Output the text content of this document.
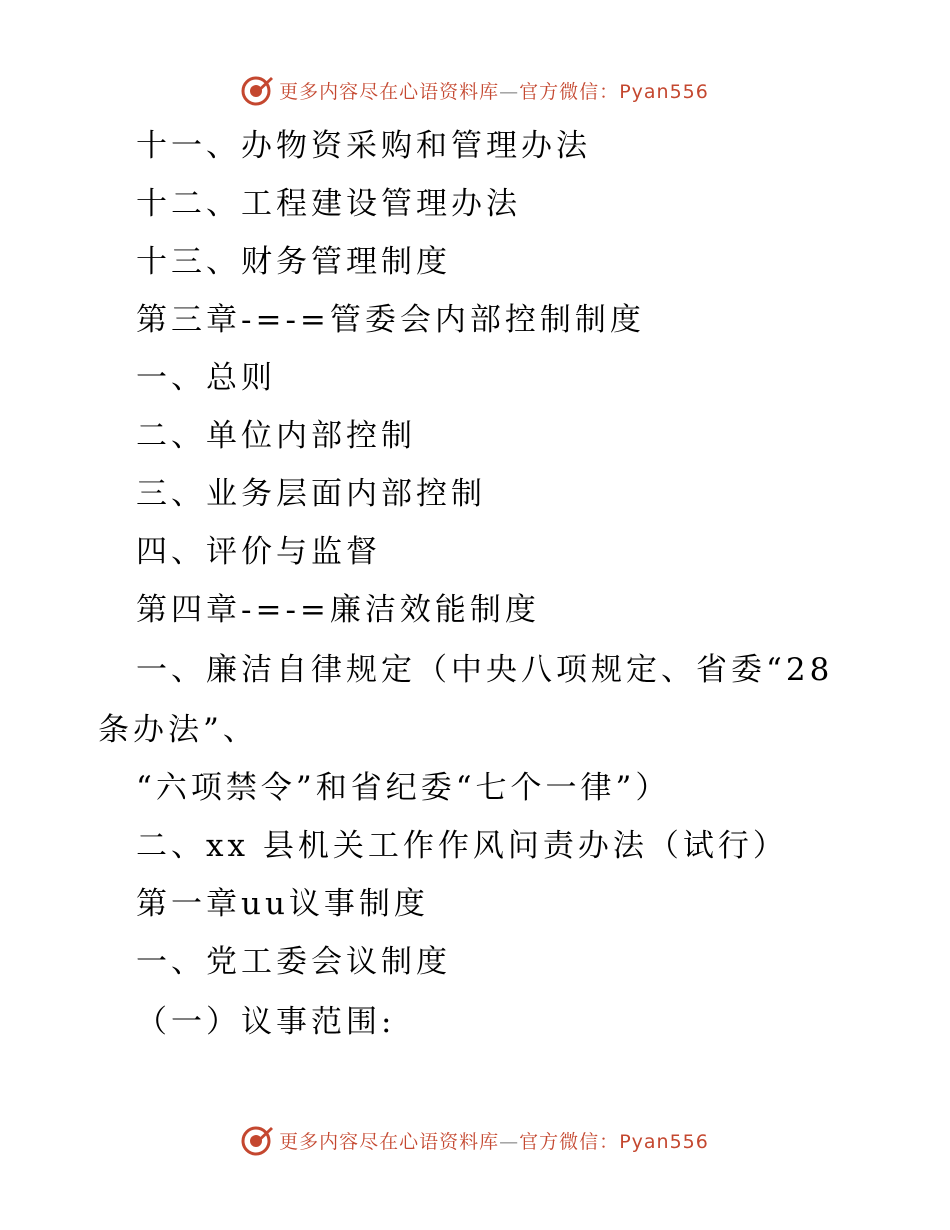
更多内容尽在心语资料库—官方微信：Pyan556
十一、办物资采购和管理办法
十二、工程建设管理办法
十三、财务管理制度
第三章-=-=管委会内部控制制度
一、总则
二、单位内部控制
三、业务层面内部控制
四、评价与监督
第四章-=-=廉洁效能制度
一、廉洁自律规定（中央八项规定、省委“28
条办法”、
“六项禁令”和省纪委“七个一律”）
二、xx 县机关工作作风问责办法（试行）
第一章uu议事制度
一、党工委会议制度
（一）议事范围:
更多内容尽在心语资料库—官方微信：Pyan556
